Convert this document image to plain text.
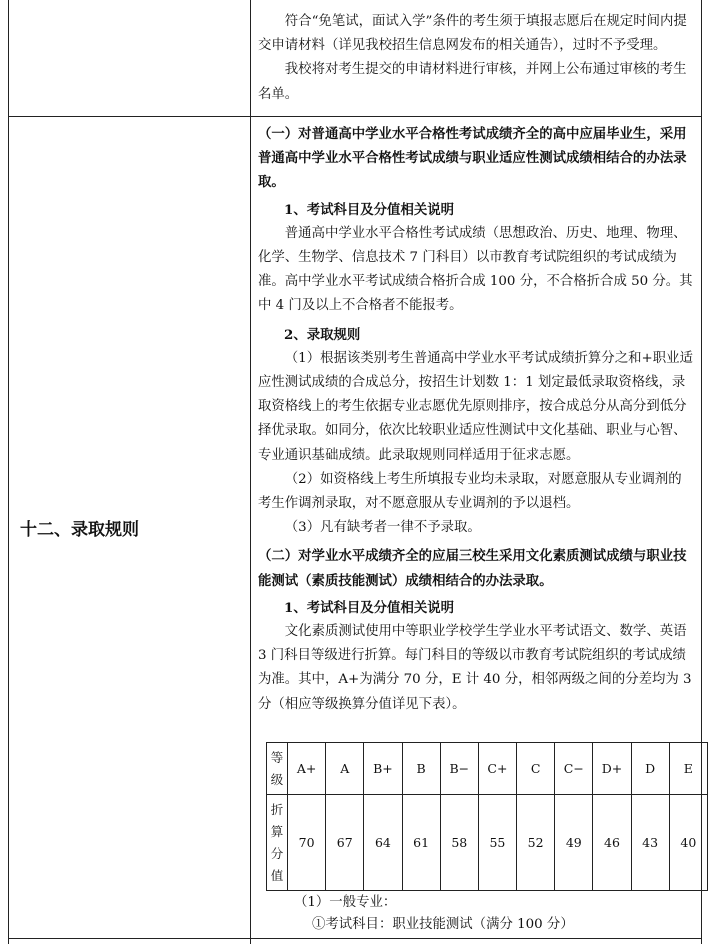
符合“免笔试，面试入学”条件的考生须于填报志愿后在规定时间内提交申请材料（详见我校招生信息网发布的相关通告），过时不予受理。

我校将对考生提交的申请材料进行审核，并网上公布通过审核的考生名单。

十二、录取规则

（一）对普通高中学业水平合格性考试成绩齐全的高中应届毕业生，采用普通高中学业水平合格性考试成绩与职业适应性测试成绩相结合的办法录取。

1、考试科目及分值相关说明

普通高中学业水平合格性考试成绩（思想政治、历史、地理、物理、化学、生物学、信息技术 7 门科目）以市教育考试院组织的考试成绩为准。高中学业水平考试成绩合格折合成 100 分，不合格折合成 50 分。其中 4 门及以上不合格者不能报考。

2、录取规则

（1）根据该类别考生普通高中学业水平考试成绩折算分之和+职业适应性测试成绩的合成总分，按招生计划数 1：1 划定最低录取资格线，录取资格线上的考生依据专业志愿优先原则排序，按合成总分从高分到低分择优录取。如同分，依次比较职业适应性测试中文化基础、职业与心智、专业通识基础成绩。此录取规则同样适用于征求志愿。

（2）如资格线上考生所填报专业均未录取，对愿意服从专业调剂的考生作调剂录取，对不愿意服从专业调剂的予以退档。

（3）凡有缺考者一律不予录取。

（二）对学业水平成绩齐全的应届三校生采用文化素质测试成绩与职业技能测试（素质技能测试）成绩相结合的办法录取。

1、考试科目及分值相关说明

文化素质测试使用中等职业学校学生学业水平考试语文、数学、英语 3 门科目等级进行折算。每门科目的等级以市教育考试院组织的考试成绩为准。其中，A+为满分 70 分，E 计 40 分，相邻两级之间的分差均为 3 分（相应等级换算分值详见下表）。

等级	A+	A	B+	B	B−	C+	C	C−	D+	D	E
折算分值	70	67	64	61	58	55	52	49	46	43	40
（1）一般专业：
①考试科目：职业技能测试（满分 100 分）
